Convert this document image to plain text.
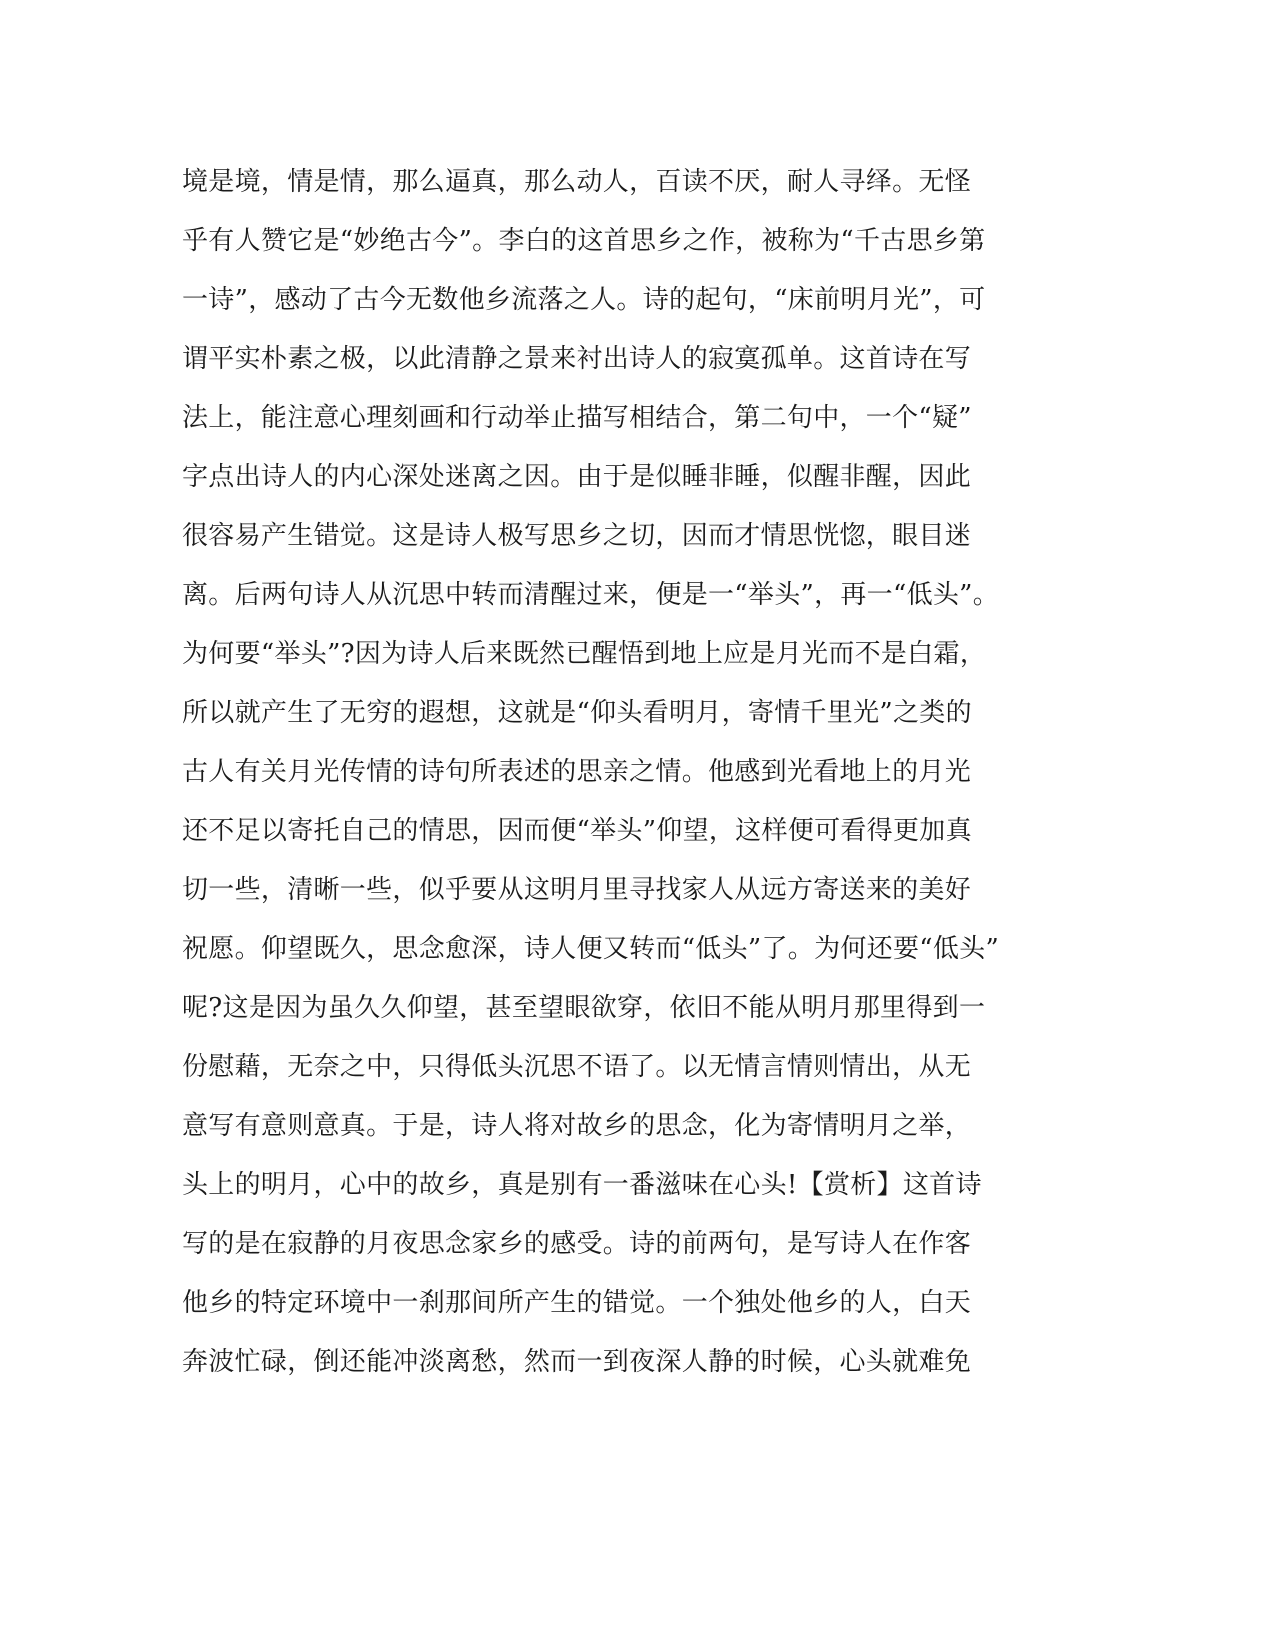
境是境，情是情，那么逼真，那么动人，百读不厌，耐人寻绎。无怪
乎有人赞它是“妙绝古今”。李白的这首思乡之作，被称为“千古思乡第
一诗”，感动了古今无数他乡流落之人。诗的起句，“床前明月光”，可
谓平实朴素之极，以此清静之景来衬出诗人的寂寞孤单。这首诗在写
法上，能注意心理刻画和行动举止描写相结合，第二句中，一个“疑”
字点出诗人的内心深处迷离之因。由于是似睡非睡，似醒非醒，因此
很容易产生错觉。这是诗人极写思乡之切，因而才情思恍惚，眼目迷
离。后两句诗人从沉思中转而清醒过来，便是一“举头”，再一“低头”。
为何要“举头”?因为诗人后来既然已醒悟到地上应是月光而不是白霜，
所以就产生了无穷的遐想，这就是“仰头看明月，寄情千里光”之类的
古人有关月光传情的诗句所表述的思亲之情。他感到光看地上的月光
还不足以寄托自己的情思，因而便“举头”仰望，这样便可看得更加真
切一些，清晰一些，似乎要从这明月里寻找家人从远方寄送来的美好
祝愿。仰望既久，思念愈深，诗人便又转而“低头”了。为何还要“低头”
呢?这是因为虽久久仰望，甚至望眼欲穿，依旧不能从明月那里得到一
份慰藉，无奈之中，只得低头沉思不语了。以无情言情则情出，从无
意写有意则意真。于是，诗人将对故乡的思念，化为寄情明月之举，
头上的明月，心中的故乡，真是别有一番滋味在心头!【赏析】这首诗
写的是在寂静的月夜思念家乡的感受。诗的前两句，是写诗人在作客
他乡的特定环境中一刹那间所产生的错觉。一个独处他乡的人，白天
奔波忙碌，倒还能冲淡离愁，然而一到夜深人静的时候，心头就难免
